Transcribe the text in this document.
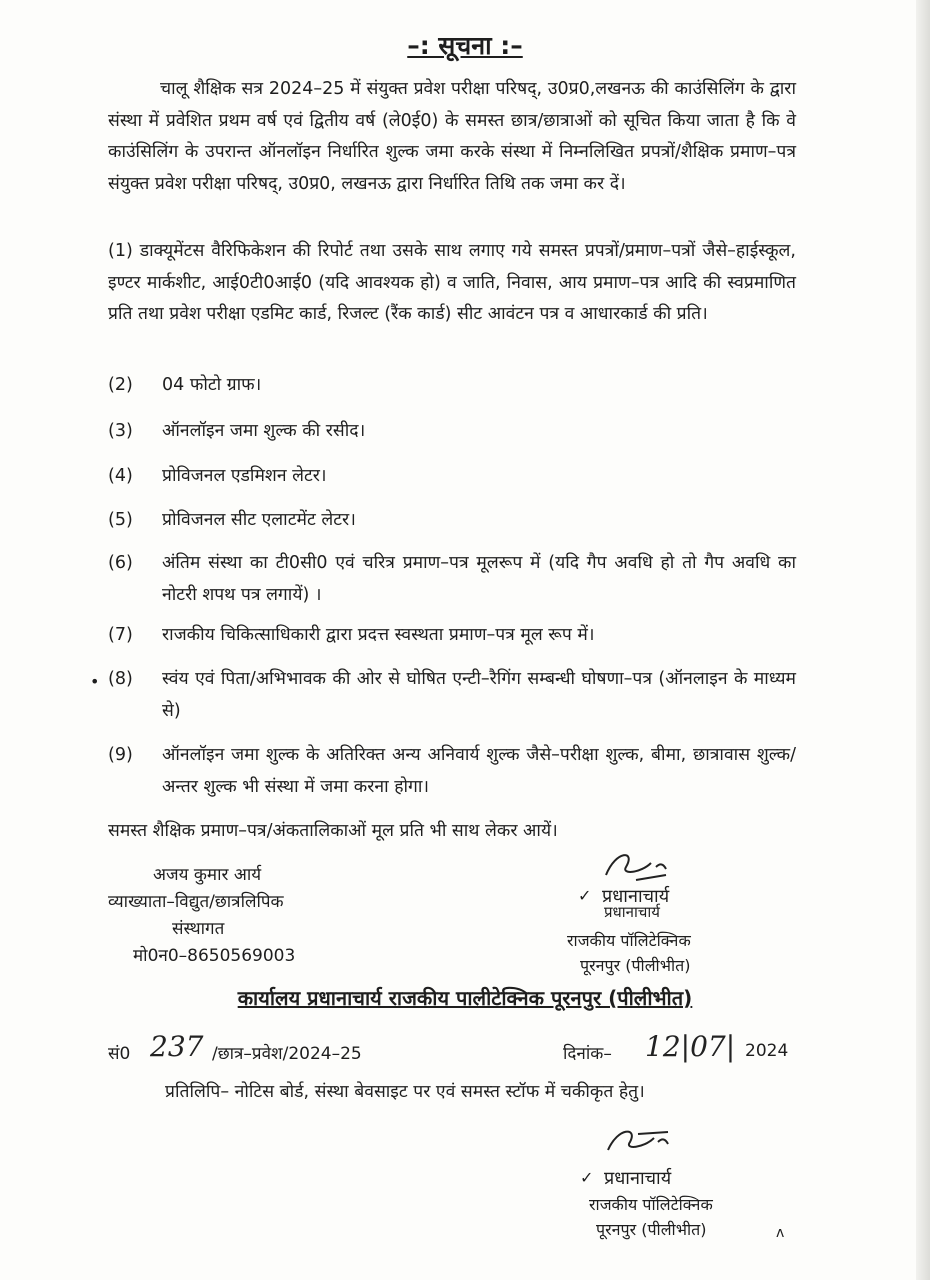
–: सूचना :–
चालू शैक्षिक सत्र 2024–25 में संयुक्त प्रवेश परीक्षा परिषद्, उ0प्र0,लखनऊ की काउंसिलिंग के द्वारा संस्था में प्रवेशित प्रथम वर्ष एवं द्वितीय वर्ष (ले0ई0) के समस्त छात्र/छात्राओं को सूचित किया जाता है कि वे काउंसिलिंग के उपरान्त ऑनलॉइन निर्धारित शुल्क जमा करके संस्था में निम्नलिखित प्रपत्रों/शैक्षिक प्रमाण–पत्र संयुक्त प्रवेश परीक्षा परिषद्, उ0प्र0, लखनऊ द्वारा निर्धारित तिथि तक जमा कर दें।
(1) डाक्यूमेंटस वैरिफिकेशन की रिपोर्ट तथा उसके साथ लगाए गये समस्त प्रपत्रों/प्रमाण–पत्रों जैसे–हाईस्कूल, इण्टर मार्कशीट, आई0टी0आई0 (यदि आवश्यक हो) व जाति, निवास, आय प्रमाण–पत्र आदि की स्वप्रमाणित प्रति तथा प्रवेश परीक्षा एडमिट कार्ड, रिजल्ट (रैंक कार्ड) सीट आवंटन पत्र व आधारकार्ड की प्रति।
(2)	04 फोटो ग्राफ।
(3)	ऑनलॉइन जमा शुल्क की रसीद।
(4)	प्रोविजनल एडमिशन लेटर।
(5)	प्रोविजनल सीट एलाटमेंट लेटर।
(6)	अंतिम संस्था का टी0सी0 एवं चरित्र प्रमाण–पत्र मूलरूप में (यदि गैप अवधि हो तो गैप अवधि का नोटरी शपथ पत्र लगायें) ।
(7)	राजकीय चिकित्साधिकारी द्वारा प्रदत्त स्वस्थता प्रमाण–पत्र मूल रूप में।
• (8)	स्वंय एवं पिता/अभिभावक की ओर से घोषित एन्टी–रैगिंग सम्बन्धी घोषणा–पत्र (ऑनलाइन के माध्यम से)
(9)	ऑनलॉइन जमा शुल्क के अतिरिक्त अन्य अनिवार्य शुल्क जैसे–परीक्षा शुल्क, बीमा, छात्रावास शुल्क/अन्तर शुल्क भी संस्था में जमा करना होगा।
समस्त शैक्षिक प्रमाण–पत्र/अंकतालिकाओं मूल प्रति भी साथ लेकर आयें।
अजय कुमार आर्य
व्याख्याता–विद्युत/छात्रलिपिक
संस्थागत
मो0न0–8650569003
✓ प्रधानाचार्य
प्रधानाचार्य
राजकीय पॉलिटेक्निक
पूरनपुर (पीलीभीत)
कार्यालय प्रधानाचार्य राजकीय पालीटेक्निक पूरनपुर (पीलीभीत)
सं0 237 /छात्र–प्रवेश/2024–25	दिनांक– 12|07| 2024
प्रतिलिपि– नोटिस बोर्ड, संस्था बेवसाइट पर एवं समस्त स्टॉफ में चकीकृत हेतु।
✓ प्रधानाचार्य
राजकीय पॉलिटेक्निक
पूरनपुर (पीलीभीत)	ʌ
